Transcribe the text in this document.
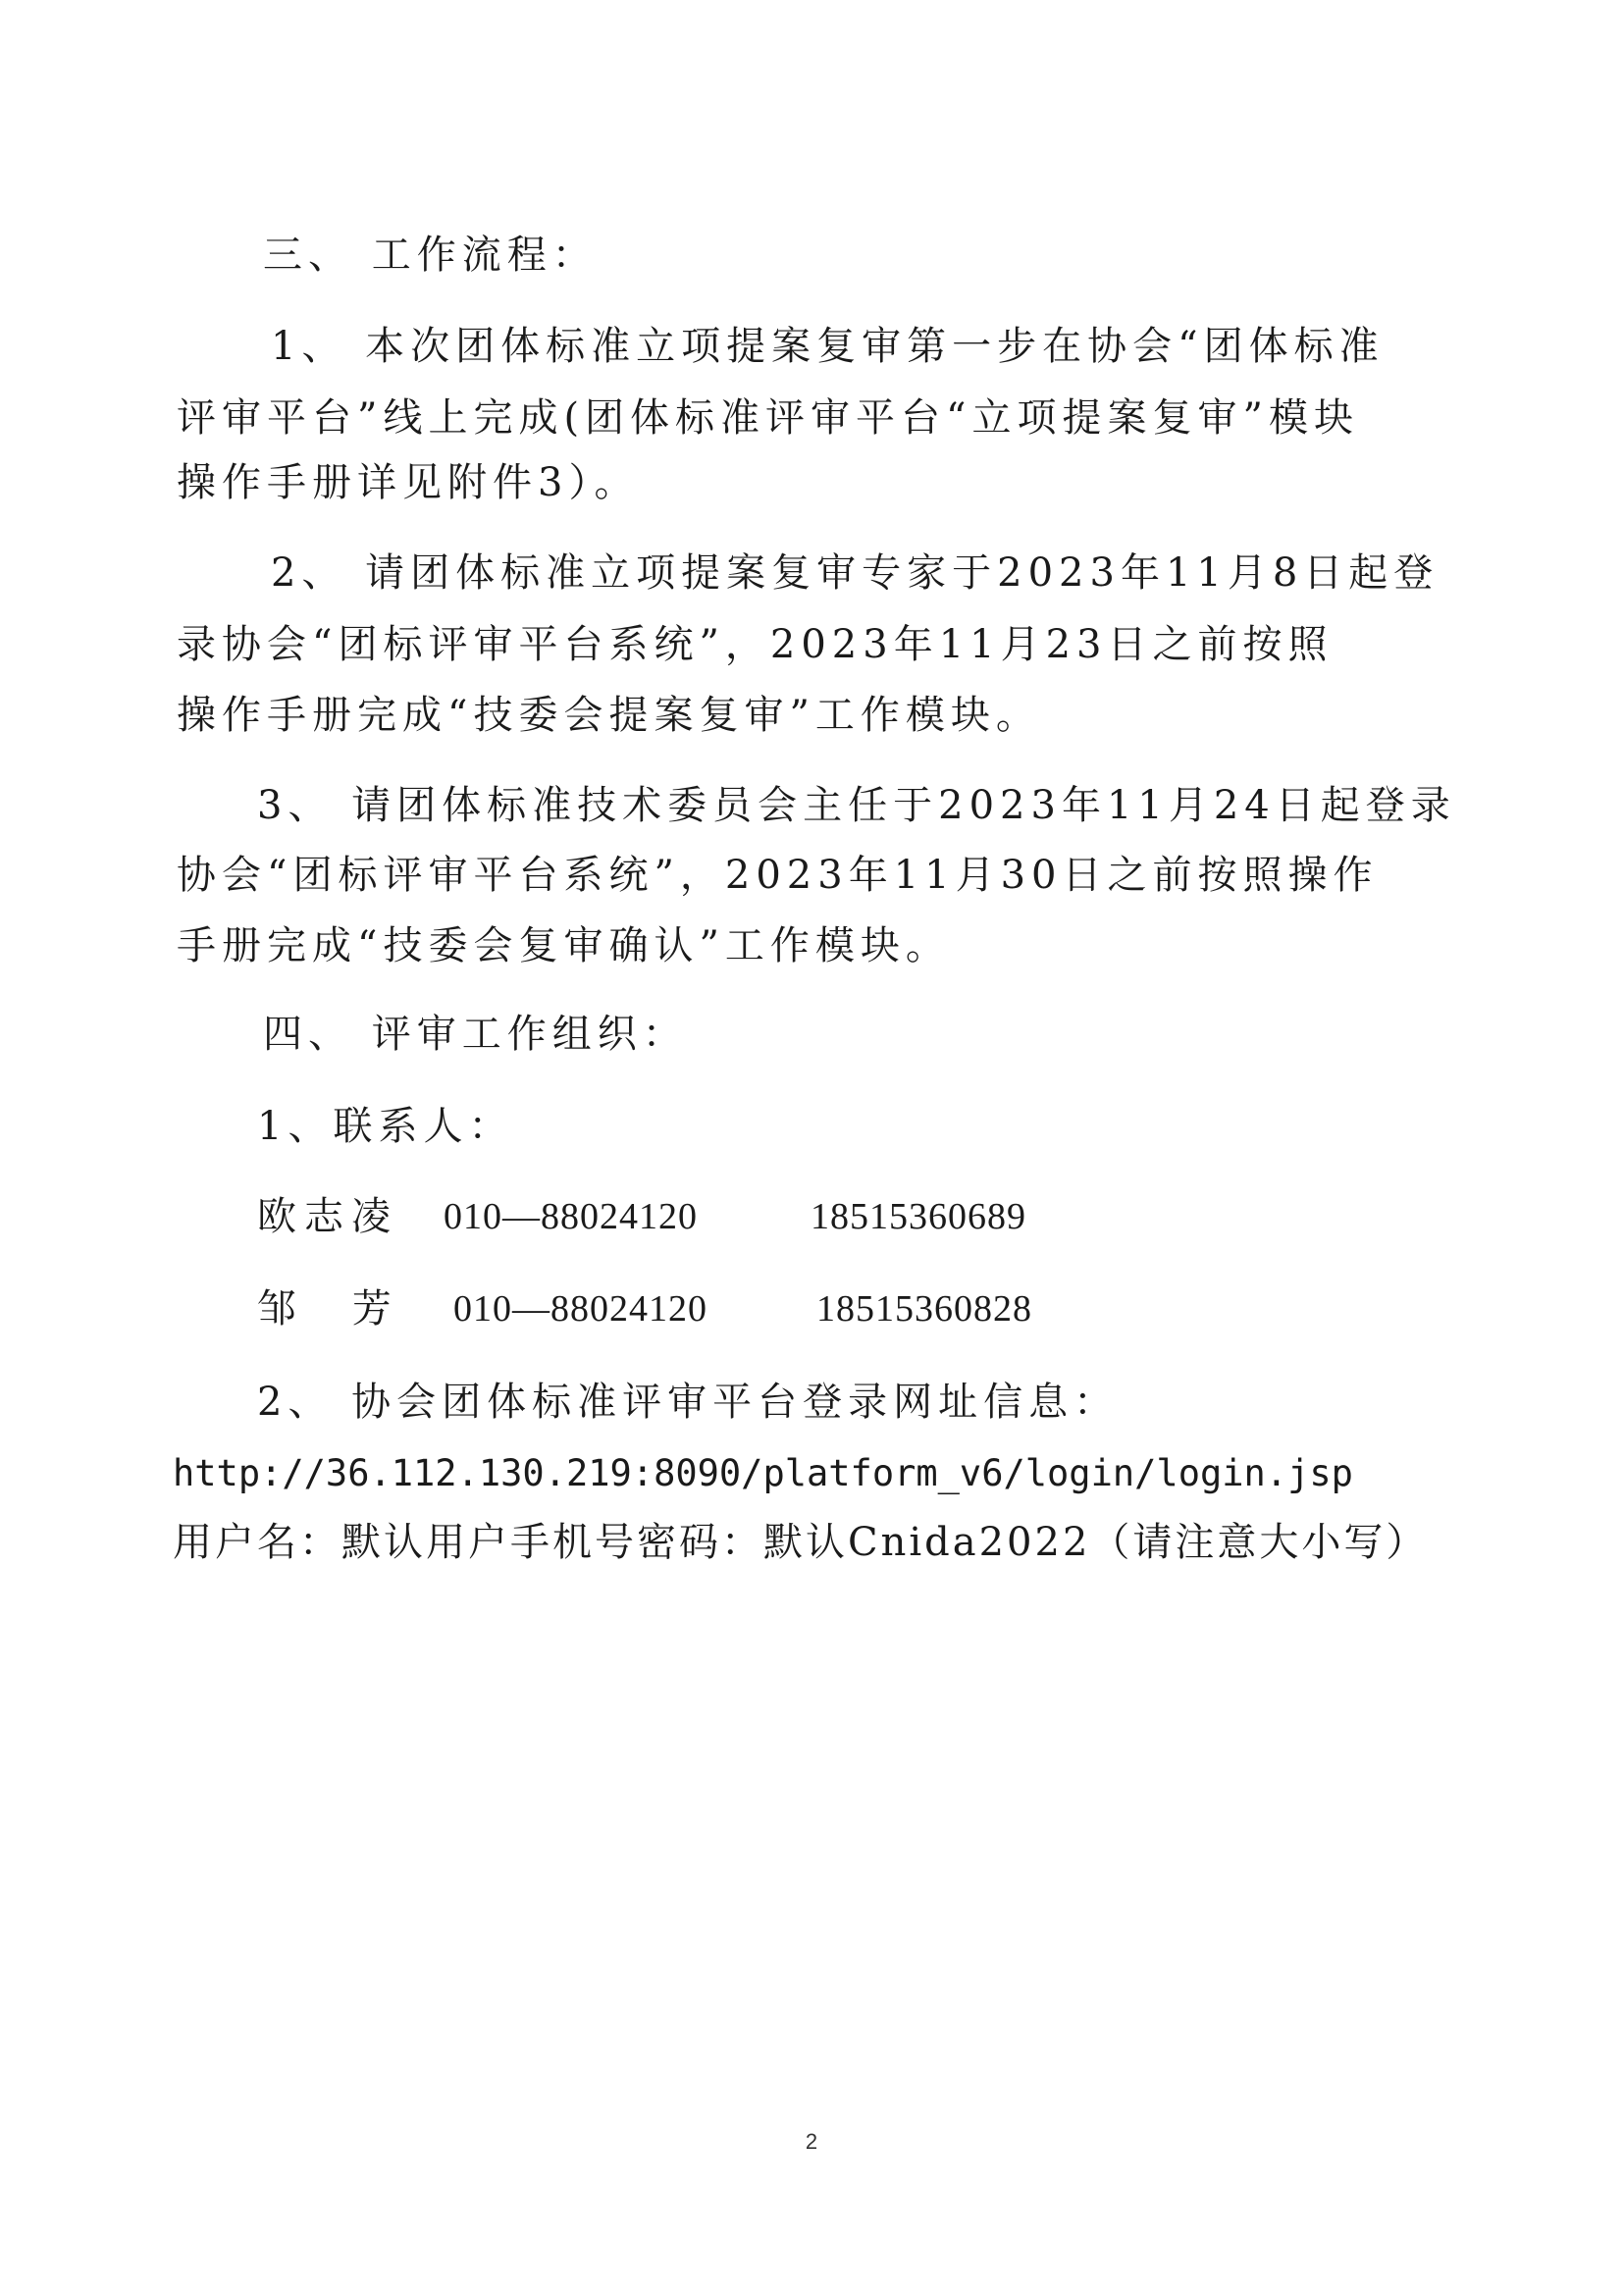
三、 工作流程：
1、 本次团体标准立项提案复审第一步在协会“团体标准
评审平台”线上完成(团体标准评审平台“立项提案复审”模块
操作手册详见附件3）。
2、 请团体标准立项提案复审专家于2023年11月8日起登
录协会“团标评审平台系统”，2023年11月23日之前按照
操作手册完成“技委会提案复审”工作模块。
3、 请团体标准技术委员会主任于2023年11月24日起登录
协会“团标评审平台系统”，2023年11月30日之前按照操作
手册完成“技委会复审确认”工作模块。
四、 评审工作组织：
1、联系人：
欧志凌 010—88024120	18515360689
邹 芳 010—88024120	18515360828
2、 协会团体标准评审平台登录网址信息：
http://36.112.130.219:8090/platform_v6/login/login.jsp
用户名：默认用户手机号密码：默认Cnida2022（请注意大小写）
2
